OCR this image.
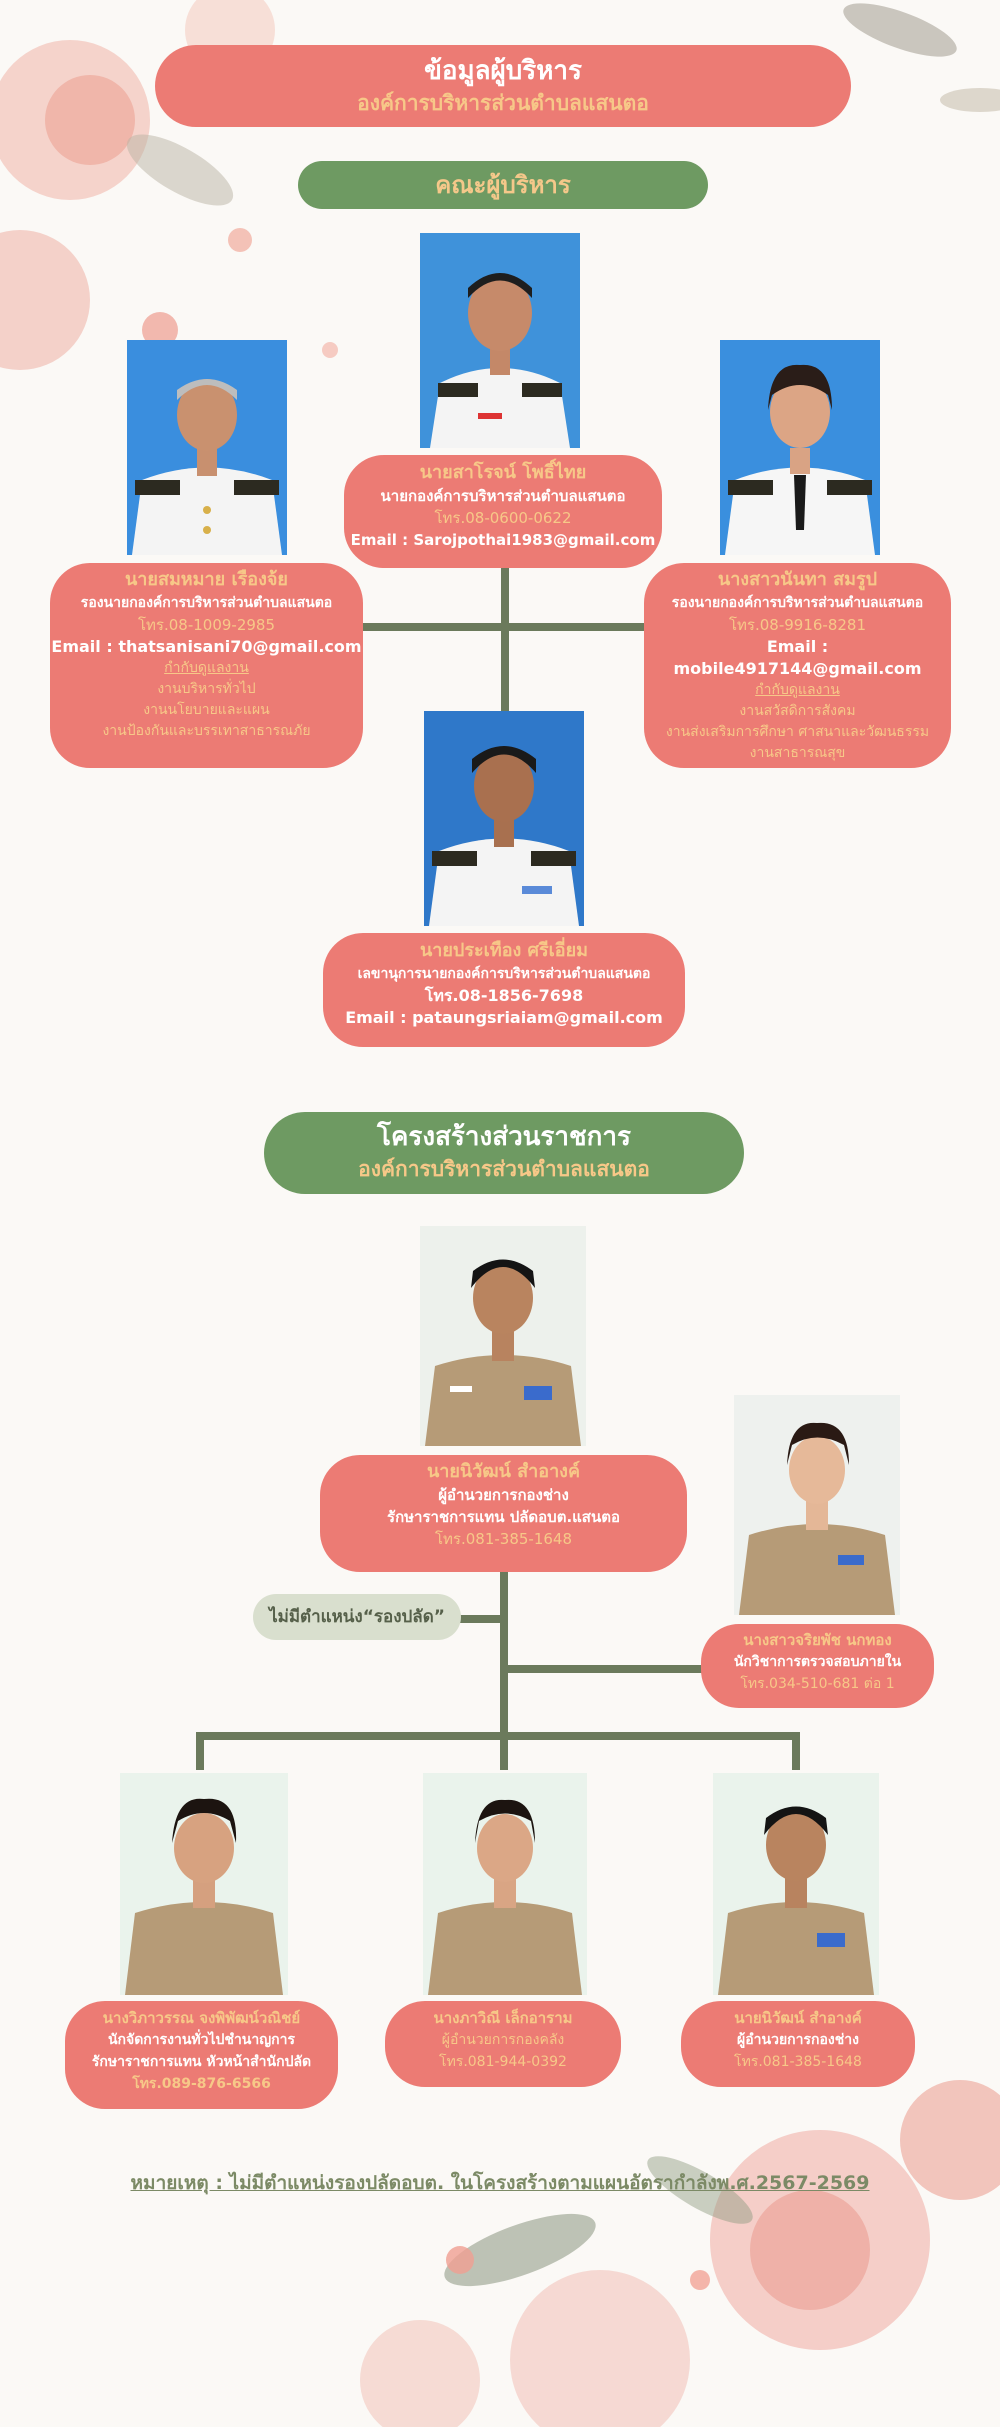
ข้อมูลผู้บริหาร
องค์การบริหารส่วนตำบลแสนตอ
คณะผู้บริหาร
นายสาโรจน์ โพธิ์ไทย
นายกองค์การบริหารส่วนตำบลแสนตอ
โทร.08-0600-0622
Email : Sarojpothai1983@gmail.com
นายสมหมาย เรืองจ้ย
รองนายกองค์การบริหารส่วนตำบลแสนตอ
โทร.08-1009-2985
Email : thatsanisani70@gmail.com
กำกับดูแลงาน
งานบริหารทั่วไป
งานนโยบายและแผน
งานป้องกันและบรรเทาสาธารณภัย
นางสาวนันทา สมรูป
รองนายกองค์การบริหารส่วนตำบลแสนตอ
โทร.08-9916-8281
Email : mobile4917144@gmail.com
กำกับดูแลงาน
งานสวัสดิการสังคม
งานส่งเสริมการศึกษา ศาสนาและวัฒนธรรม
งานสาธารณสุข
นายประเทือง ศรีเอี่ยม
เลขานุการนายกองค์การบริหารส่วนตำบลแสนตอ
โทร.08-1856-7698
Email : pataungsriaiam@gmail.com
โครงสร้างส่วนราชการ
องค์การบริหารส่วนตำบลแสนตอ
นายนิวัฒน์ สำอางค์
ผู้อำนวยการกองช่าง
รักษาราชการแทน ปลัดอบต.แสนตอ
โทร.081-385-1648
ไม่มีตำแหน่ง“รองปลัด”
นางสาวจริยพัช นกทอง
นักวิชาการตรวจสอบภายใน
โทร.034-510-681 ต่อ 1
นางวิภาวรรณ จงพิพัฒน์วณิชย์
นักจัดการงานทั่วไปชำนาญการ
รักษาราชการแทน หัวหน้าสำนักปลัด
โทร.089-876-6566
นางภาวิณี เล็กอาราม
ผู้อำนวยการกองคลัง
โทร.081-944-0392
นายนิวัฒน์ สำอางค์
ผู้อำนวยการกองช่าง
โทร.081-385-1648
หมายเหตุ : ไม่มีตำแหน่งรองปลัดอบต. ในโครงสร้างตามแผนอัตรากำลังพ.ศ.2567-2569
